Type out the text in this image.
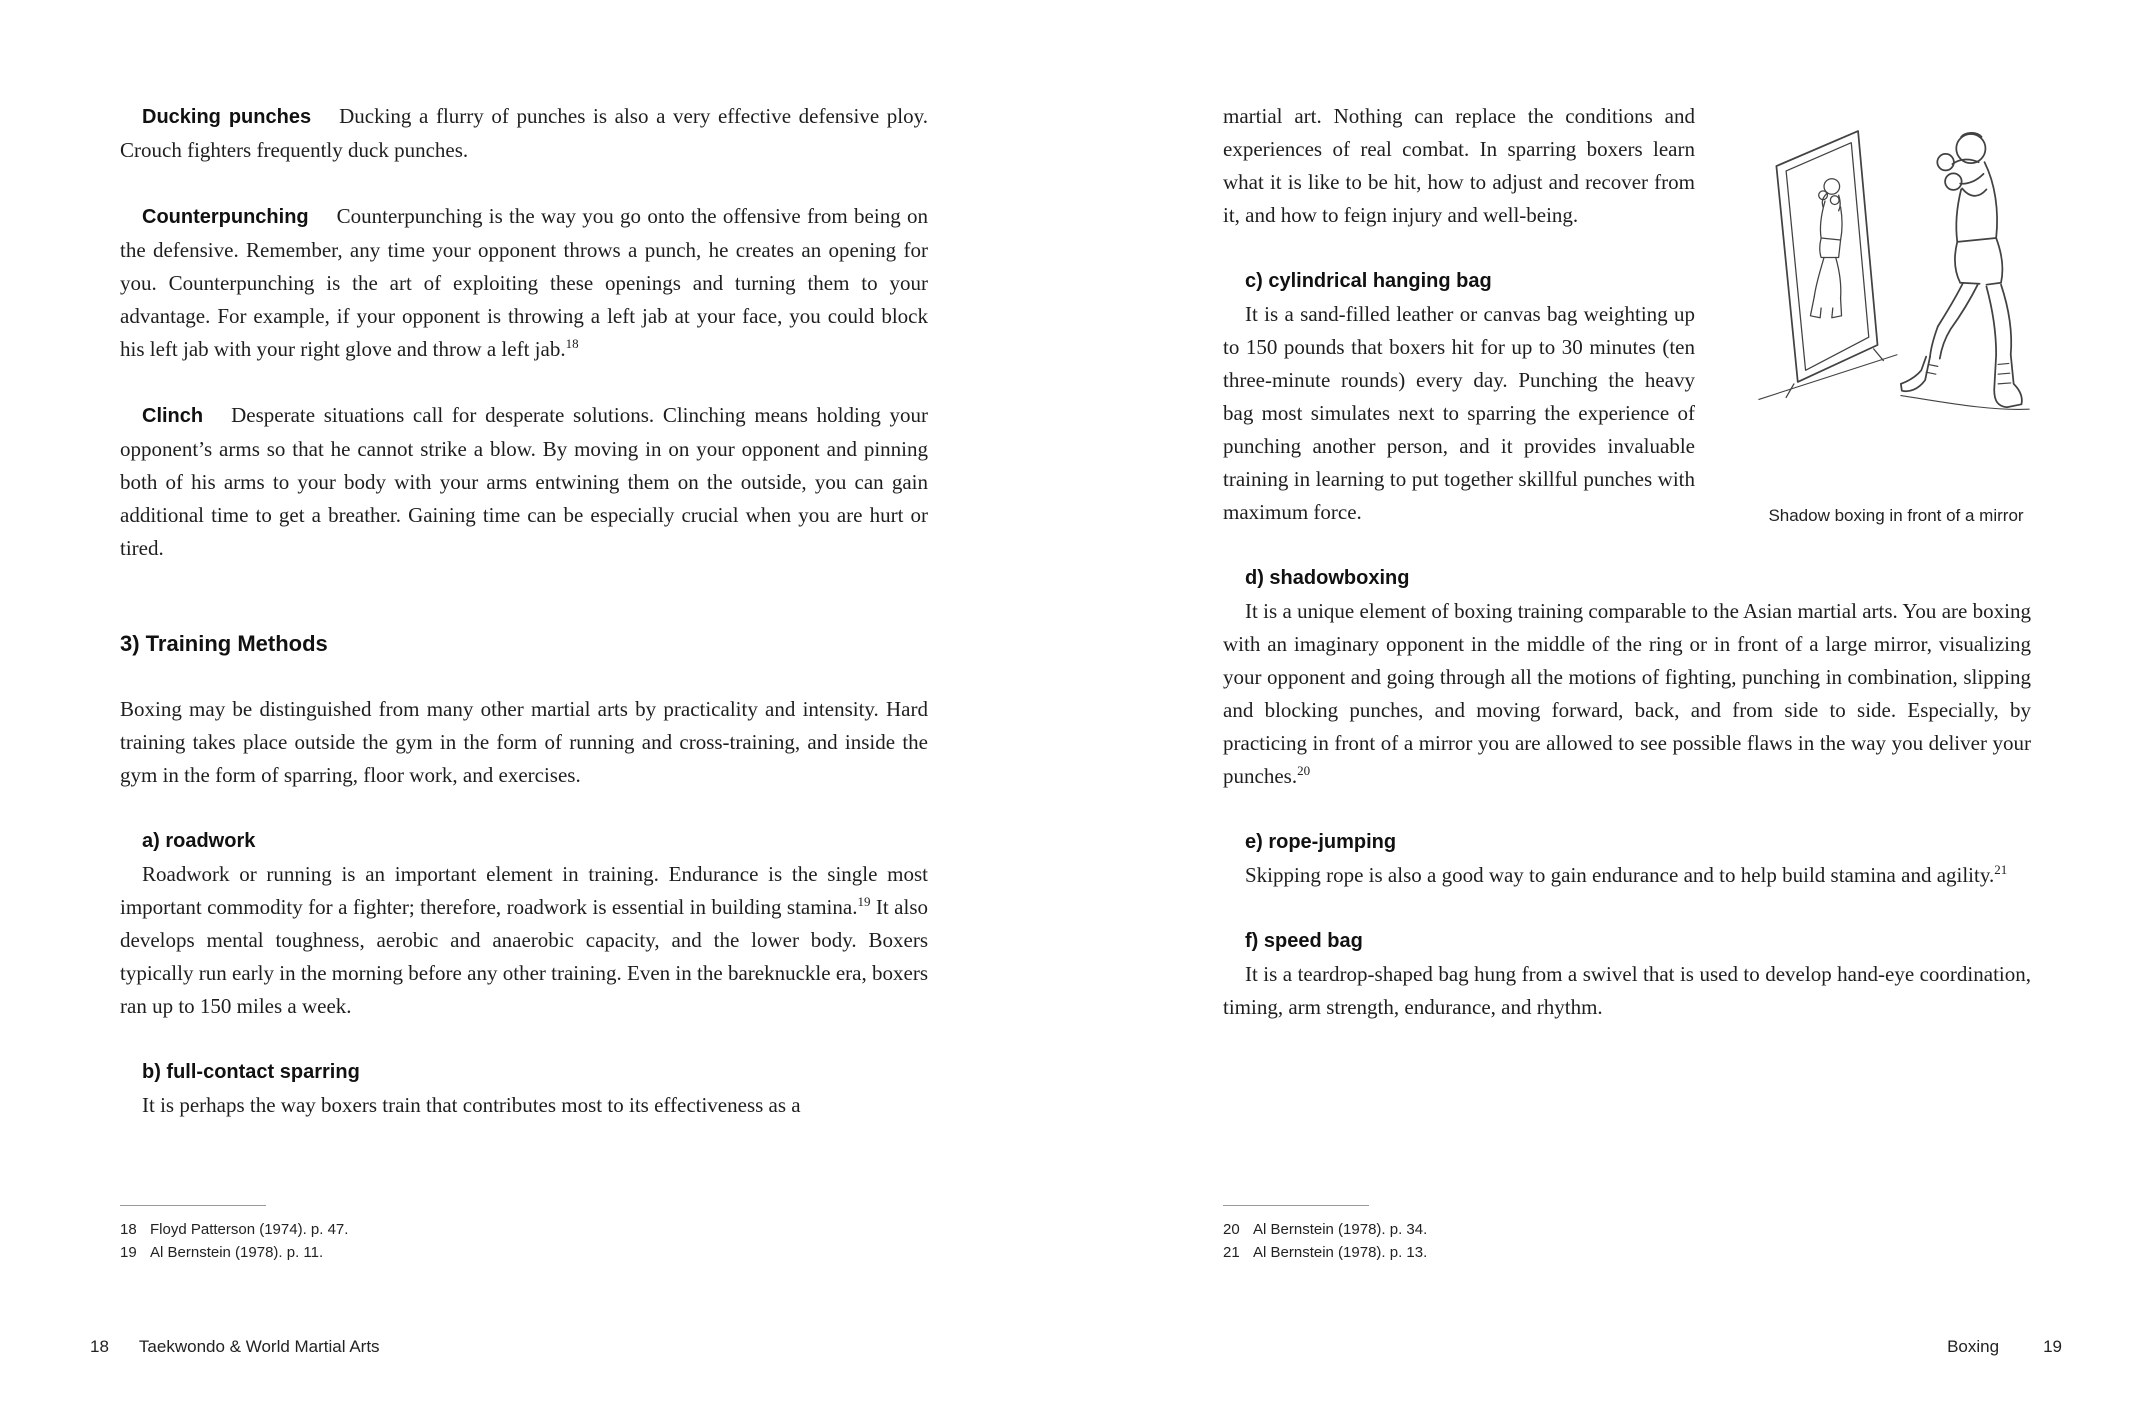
Ducking punches Ducking a flurry of punches is also a very effective defensive ploy. Crouch fighters frequently duck punches.

Counterpunching Counterpunching is the way you go onto the offensive from being on the defensive. Remember, any time your opponent throws a punch, he creates an opening for you. Counterpunching is the art of exploiting these openings and turning them to your advantage. For example, if your opponent is throwing a left jab at your face, you could block his left jab with your right glove and throw a left jab.$^{18}$

Clinch Desperate situations call for desperate solutions. Clinching means holding your opponent’s arms so that he cannot strike a blow. By moving in on your opponent and pinning both of his arms to your body with your arms entwining them on the outside, you can gain additional time to get a breather. Gaining time can be especially crucial when you are hurt or tired.

3) Training Methods

Boxing may be distinguished from many other martial arts by practicality and intensity. Hard training takes place outside the gym in the form of running and cross-training, and inside the gym in the form of sparring, floor work, and exercises.

a) roadwork

Roadwork or running is an important element in training. Endurance is the single most important commodity for a fighter; therefore, roadwork is essential in building stamina.$^{19}$ It also develops mental toughness, aerobic and anaerobic capacity, and the lower body. Boxers typically run early in the morning before any other training. Even in the bareknuckle era, boxers ran up to 150 miles a week.

b) full-contact sparring

It is perhaps the way boxers train that contributes most to its effectiveness as a

18 Floyd Patterson (1974). p. 47.
19 Al Bernstein (1978). p. 11.
18 Taekwondo & World Martial Arts

martial art. Nothing can replace the conditions and experiences of real combat. In sparring boxers learn what it is like to be hit, how to adjust and recover from it, and how to feign injury and well-being.

c) cylindrical hanging bag

It is a sand-filled leather or canvas bag weighting up to 150 pounds that boxers hit for up to 30 minutes (ten three-minute rounds) every day. Punching the heavy bag most simulates next to sparring the experience of punching another person, and it provides invaluable training in learning to put together skillful punches with maximum force.

d) shadowboxing

It is a unique element of boxing training comparable to the Asian martial arts. You are boxing with an imaginary opponent in the middle of the ring or in front of a large mirror, visualizing your opponent and going through all the motions of fighting, punching in combination, slipping and blocking punches, and moving forward, back, and from side to side. Especially, by practicing in front of a mirror you are allowed to see possible flaws in the way you deliver your punches.$^{20}$

e) rope-jumping

Skipping rope is also a good way to gain endurance and to help build stamina and agility.$^{21}$

f) speed bag

It is a teardrop-shaped bag hung from a swivel that is used to develop hand-eye coordination, timing, arm strength, endurance, and rhythm.

Shadow boxing in front of a mirror
20 Al Bernstein (1978). p. 34.
21 Al Bernstein (1978). p. 13.
Boxing	19
